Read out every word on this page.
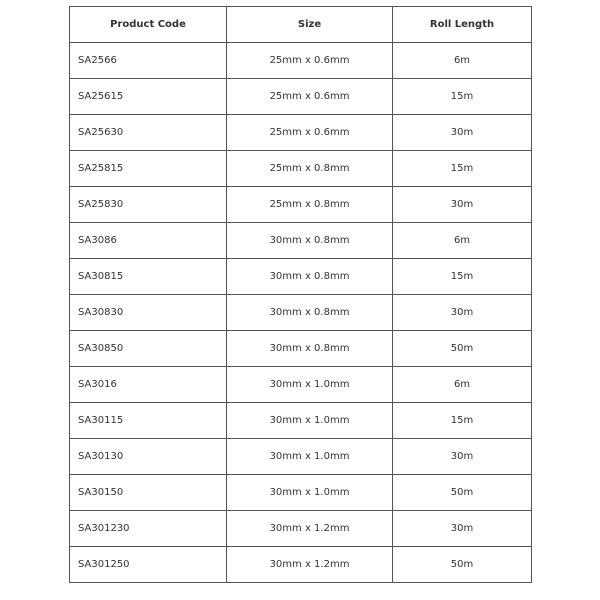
Product Code	Size	Roll Length
SA2566	25mm x 0.6mm	6m
SA25615	25mm x 0.6mm	15m
SA25630	25mm x 0.6mm	30m
SA25815	25mm x 0.8mm	15m
SA25830	25mm x 0.8mm	30m
SA3086	30mm x 0.8mm	6m
SA30815	30mm x 0.8mm	15m
SA30830	30mm x 0.8mm	30m
SA30850	30mm x 0.8mm	50m
SA3016	30mm x 1.0mm	6m
SA30115	30mm x 1.0mm	15m
SA30130	30mm x 1.0mm	30m
SA30150	30mm x 1.0mm	50m
SA301230	30mm x 1.2mm	30m
SA301250	30mm x 1.2mm	50m
